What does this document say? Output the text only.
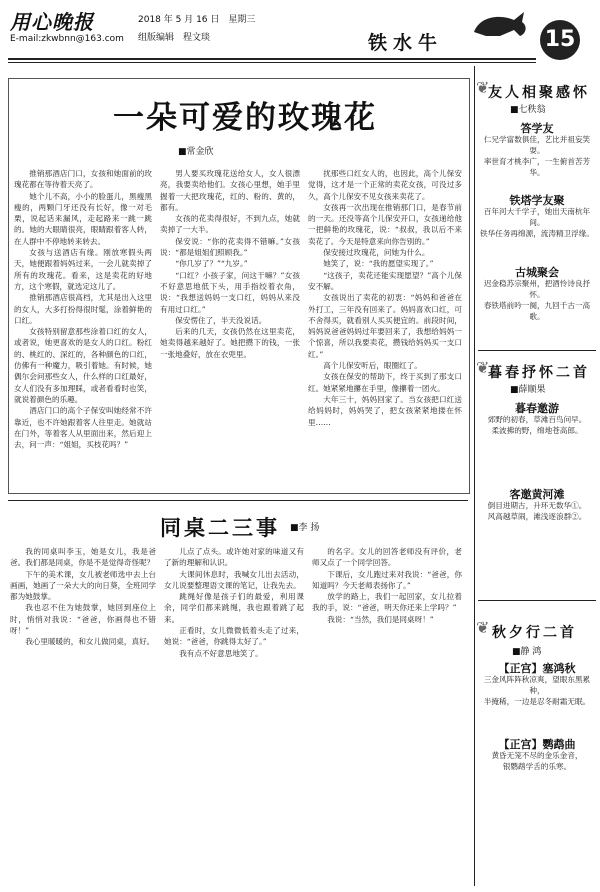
用心晚报
E-mail:zkwbnn@163.com
2018 年 5 月 16 日　星期三
组版编辑　程文琰	铁水牛	15
一朵可爱的玫瑰花
■常金欣

推销那酒店门口，女孩和她面前的玫瑰花都在等待着天亮了。

她个儿不高，小小的脸蛋儿，黑瘦黑瘦的，两颗门牙还没有长好，像一对毛栗，说起话来漏风，走起路来一跳一跳的。她的大眼睛很亮，眼睛跟着客人转，在人群中不停地转来转去。

女孩与送酒店有缘。刚放寒假头两天，她便跟着妈妈过来，一会儿就卖掉了所有的玫瑰花。看来，这是卖花的好地方，这个寒假，就选定这儿了。

推销那酒店很高档，尤其是出入这里的女人，大多打扮得很时髦，涂着鲜艳的口红。

女孩特别留意那些涂着口红的女人，或者说，她更喜欢的是女人的口红。粉红的、桃红的、深红的，各种颜色的口红，仿佛有一种魔力，吸引着她。有时候，她偶尔会问那些女人，什么样的口红最好，女人们没有多加理睬，或者看看时也笑，就说着颜色的乐趣。

酒店门口的高个子保安叫她经常不许靠近，也不许她跟着客人往里走。她就站在门外，等着客人从里面出来，然后迎上去，问一声：“姐姐，买枝花吗？”

男人要买玫瑰花送给女人，女人很漂亮，我要卖给他们。女孩心里想，她手里握着一大把玫瑰花，红的、粉的、黄的，都有。

女孩的花卖得很好，不到九点，她就卖掉了一大半。

保安说：“你的花卖得不错嘛。”女孩说：“都是姐姐们照顾我。”

“你几岁了？”“九岁。”

“口红？小孩子家，问这干嘛？”女孩不好意思地低下头，用手指绞着衣角，说：“我想送妈妈一支口红，妈妈从来没有用过口红。”

保安愣住了，半天没说话。

后来的几天，女孩仍然在这里卖花，她卖得越来越好了。她把攒下的钱，一张一张地叠好，放在衣兜里。

扰那些口红女人的，也因此，高个儿保安觉得，这才是一个正常的卖花女孩，可没过多久，高个儿保安不见女孩来卖花了。

女孩再一次出现在推销那门口，是春节前的一天。还没等高个儿保安开口，女孩递给他一把鲜艳的玫瑰花，说：“叔叔，我以后不来卖花了。今天是特意来向你告别的。”

保安接过玫瑰花，问她为什么。

她笑了，说：“我的愿望实现了。”

“这孩子，卖花还能实现愿望？”高个儿保安不解。

女孩说出了卖花的初衷：“妈妈和爸爸在外打工，三年没有回来了。妈妈喜欢口红，可不舍得买，就看别人买买便宜的。前段时间，妈妈说爸爸妈妈过年要回来了，我想给妈妈一个惊喜，所以我要卖花，攒钱给妈妈买一支口红。”

高个儿保安听后，眼圈红了。

女孩在保安的帮助下，终于买到了那支口红。她紧紧地攥在手里，像攥着一团火。

大年三十，妈妈回家了。当女孩把口红送给妈妈时，妈妈哭了，把女孩紧紧地搂在怀里……

同桌二三事 ■李 扬

我的同桌叫李玉，她是女儿，我是爸爸。我们都是同桌，你是不是觉得奇怪呢？

下午的美术课，女儿被老师选中去上台画画，她画了一朵大大的向日葵，全班同学都为她鼓掌。

我也忍不住为她鼓掌，她回到座位上时，悄悄对我说：“爸爸，你画得也不错呀！”

我心里暖暖的，和女儿做同桌，真好。

儿点了点头。或许她对家的味道又有了新的理解和认识。

大课间休息时，我喊女儿出去活动，女儿说要整理语文课的笔记，让我先去。

跳绳好像是孩子们的最爱，利用课余，同学们都来跳绳，我也跟着跳了起来。

正看时，女儿微微低着头走了过来，她说：“爸爸，你跳得太好了。”

我有点不好意思地笑了。

的名字。女儿的回答老师没有评价，老师又点了一个同学回答。

下课后，女儿跑过来对我说：“爸爸，你知道吗？今天老师表扬你了。”

放学的路上，我们一起回家，女儿拉着我的手，说：“爸爸，明天你还来上学吗？”

我说：“当然，我们是同桌呀！”

友人相聚感怀
❦
■七秩翁
答学友
仁兄学富数俱佳，艺比并祖妄笑耍。
率世育才桃李广，一生俯首苦芳华。
铁塔学友聚
百年河大千学子，她出天南杭年间。
铁华任务再绵源，流涛精卫浮缘。
古城聚会
迟金稳苏宗聚州，把酒怜诗良抒怀。
春铁塔前吟一阕，九回千古一高歌。
暮春抒怀二首
❦
■薛顺果
暮春邀游
郊野的初春，草滩百鸟问早。
柔波拂的野，绵地苍高郎。
客邀黄河滩
倒目进期古，升环无数华①。
风高越草闹，滩浅逐浪群②。
秋夕行二首
❦
■静 鸿
【正宫】塞鸿秋
三金风阵阵秋凉爽，望眼东黑累种，
半掩稀，一边是忍冬耐霜无眠。
【正宫】鹦鹉曲
黄昏无笼不尽的金乐金音，
银鹦鹉学舌的乐寒。
